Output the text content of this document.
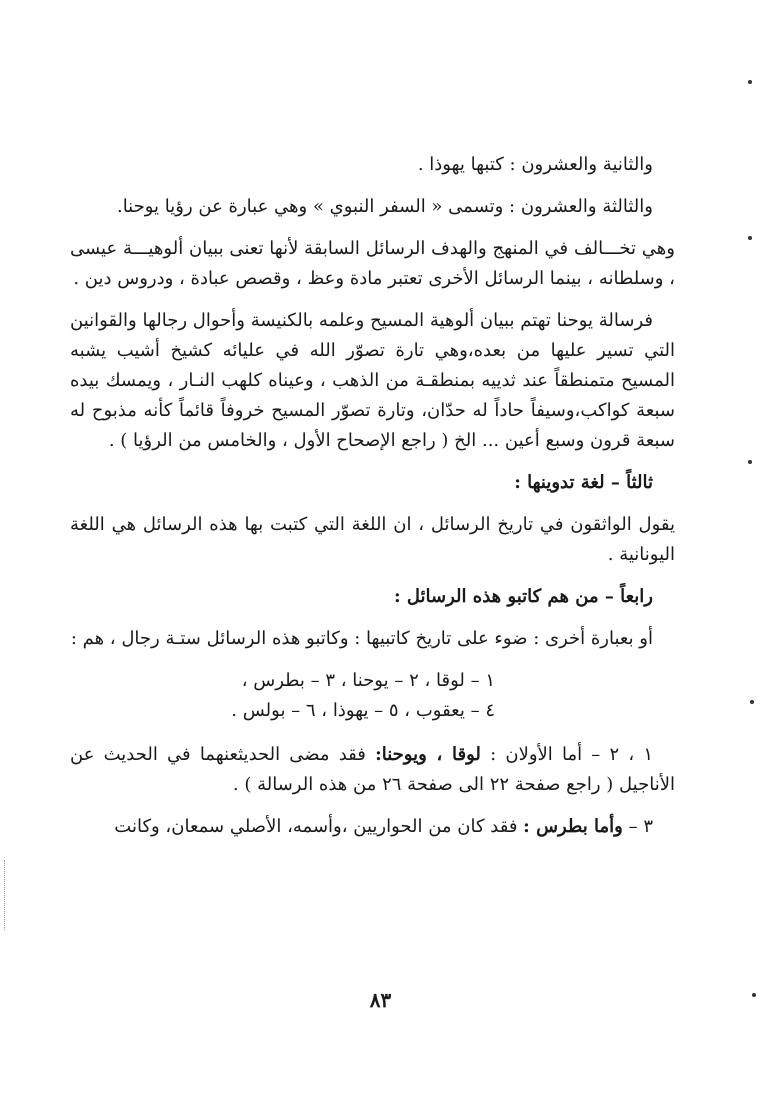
والثانية والعشرون : كتبها يهوذا .

والثالثة والعشرون : وتسمى « السفر النبوي » وهي عبارة عن رؤيا يوحنا.

وهي تخـــالف في المنهج والهدف الرسائل السابقة لأنها تعنى ببيان ألوهيـــة عيسى ، وسلطانه ، بينما الرسائل الأخرى تعتبر مادة وعظ ، وقصص عبادة ، ودروس دين .

فرسالة يوحنا تهتم ببيان ألوهية المسيح وعلمه بالكنيسة وأحوال رجالها والقوانين التي تسير عليها من بعده،وهي تارة تصوّر الله في عليائه كشيخ أشيب يشبه المسيح متمنطقاً عند ثدييه بمنطقـة من الذهب ، وعيناه كلهب النـار ، ويمسك بيده سبعة كواكب،وسيفاً حاداً له حدّان، وتارة تصوّر المسيح خروفاً قائماً كأنه مذبوح له سبعة قرون وسبع أعين ... الخ ( راجع الإصحاح الأول ، والخامس من الرؤيا ) .

ثالثاً – لغة تدوينها :

يقول الواثقون في تاريخ الرسائل ، ان اللغة التي كتبت بها هذه الرسائل هي اللغة اليونانية .

رابعاً – من هم كاتبو هذه الرسائل :

أو بعبارة أخرى : ضوء على تاريخ كاتبيها : وكاتبو هذه الرسائل ستـة رجال ، هم :

١ – لوقا ، ٢ – يوحنا ، ٣ – بطرس ،

٤ – يعقوب ، ٥ – يهوذا ، ٦ – بولس .

١ ، ٢ – أما الأولان : لوقا ، ويوحنا: فقد مضى الحديثعنهما في الحديث عن الأناجيل ( راجع صفحة ٢٢ الى صفحة ٢٦ من هذه الرسالة ) .

٣ – وأما بطرس : فقد كان من الحواريين ،وأسمه، الأصلي سمعان، وكانت

٨٣
